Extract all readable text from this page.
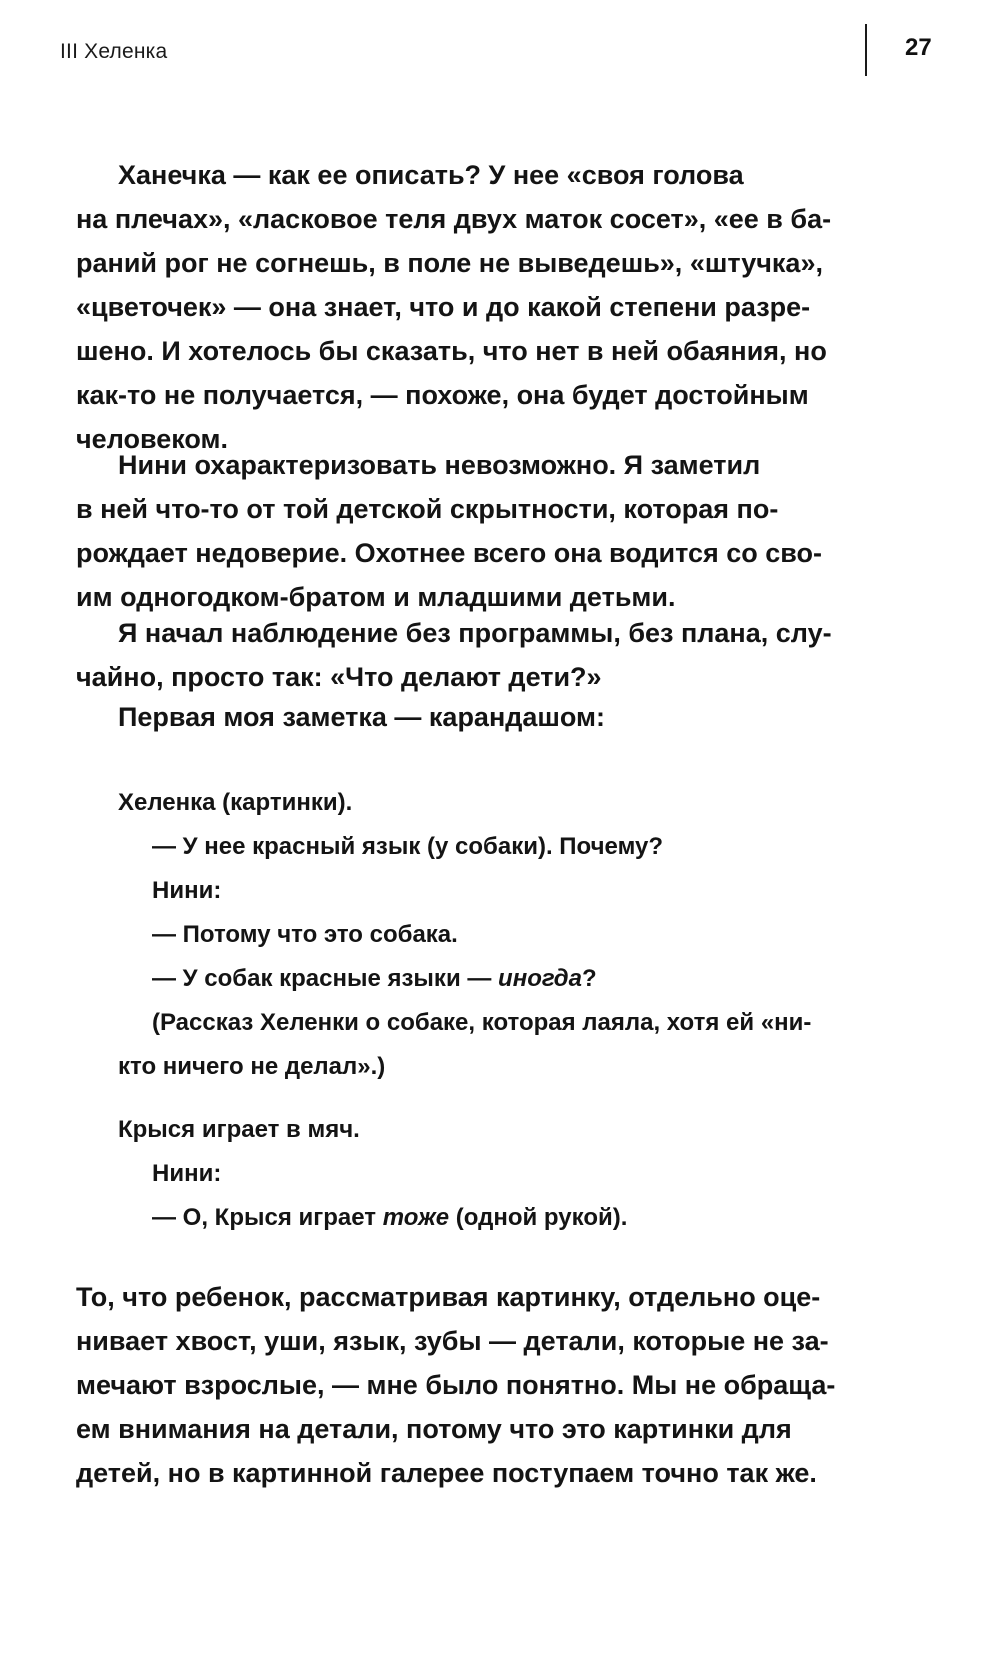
III Хеленка	27
Ханечка — как ее описать? У нее «своя голова
на плечах», «ласковое теля двух маток сосет», «ее в ба-
раний рог не согнешь, в поле не выведешь», «штучка»,
«цветочек» — она знает, что и до какой степени разре-
шено. И хотелось бы сказать, что нет в ней обаяния, но
как-то не получается, — похоже, она будет достойным
человеком.
Нини охарактеризовать невозможно. Я заметил
в ней что-то от той детской скрытности, которая по-
рождает недоверие. Охотнее всего она водится со сво-
им одногодком-братом и младшими детьми.
Я начал наблюдение без программы, без плана, слу-
чайно, просто так: «Что делают дети?»
Первая моя заметка — карандашом:
Хеленка (картинки).
— У нее красный язык (у собаки). Почему?
Нини:
— Потому что это собака.
— У собак красные языки — иногда?
(Рассказ Хеленки о собаке, которая лаяла, хотя ей «ни-
кто ничего не делал».)
Крыся играет в мяч.
Нини:
— О, Крыся играет тоже (одной рукой).
То, что ребенок, рассматривая картинку, отдельно оце-
нивает хвост, уши, язык, зубы — детали, которые не за-
мечают взрослые, — мне было понятно. Мы не обраща-
ем внимания на детали, потому что это картинки для
детей, но в картинной галерее поступаем точно так же.
